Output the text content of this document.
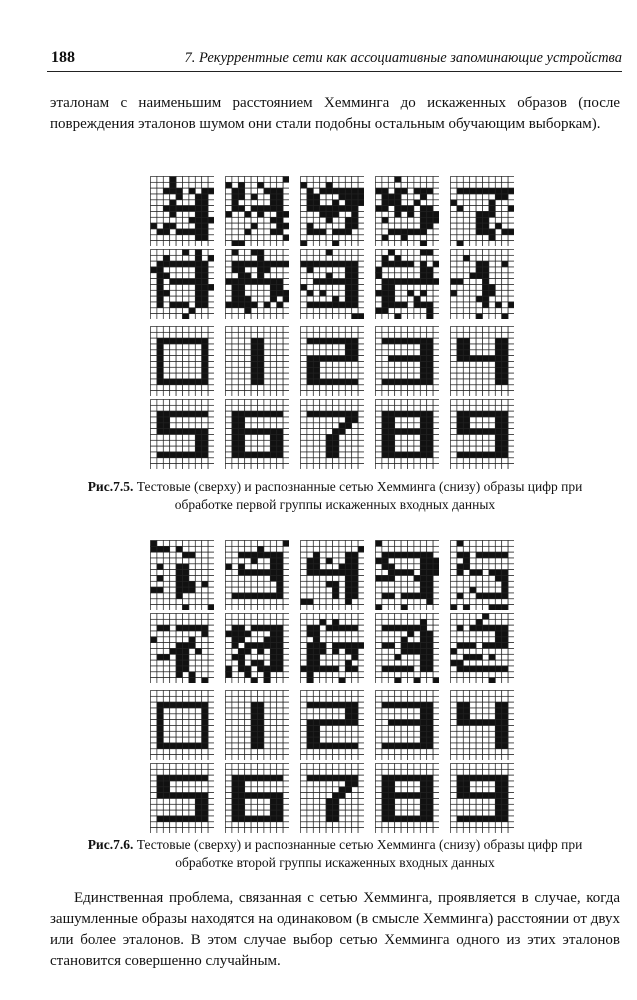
188	7. Рекуррентные сети как ассоциативные запоминающие устройства
эталонам с наименьшим расстоянием Хемминга до искаженных образов (после повреждения эталонов шумом они стали подобны остальным обучающим выборкам).
Рис.7.5. Тестовые (сверху) и распознанные сетью Хемминга (снизу) образы цифр при обработке первой группы искаженных входных данных
Рис.7.6. Тестовые (сверху) и распознанные сетью Хемминга (снизу) образы цифр при обработке второй группы искаженных входных данных
Единственная проблема, связанная с сетью Хемминга, проявляется в случае, когда зашумленные образы находятся на одинаковом (в смысле Хемминга) расстоянии от двух или более эталонов. В этом случае выбор сетью Хемминга одного из этих эталонов становится совершенно случайным.
